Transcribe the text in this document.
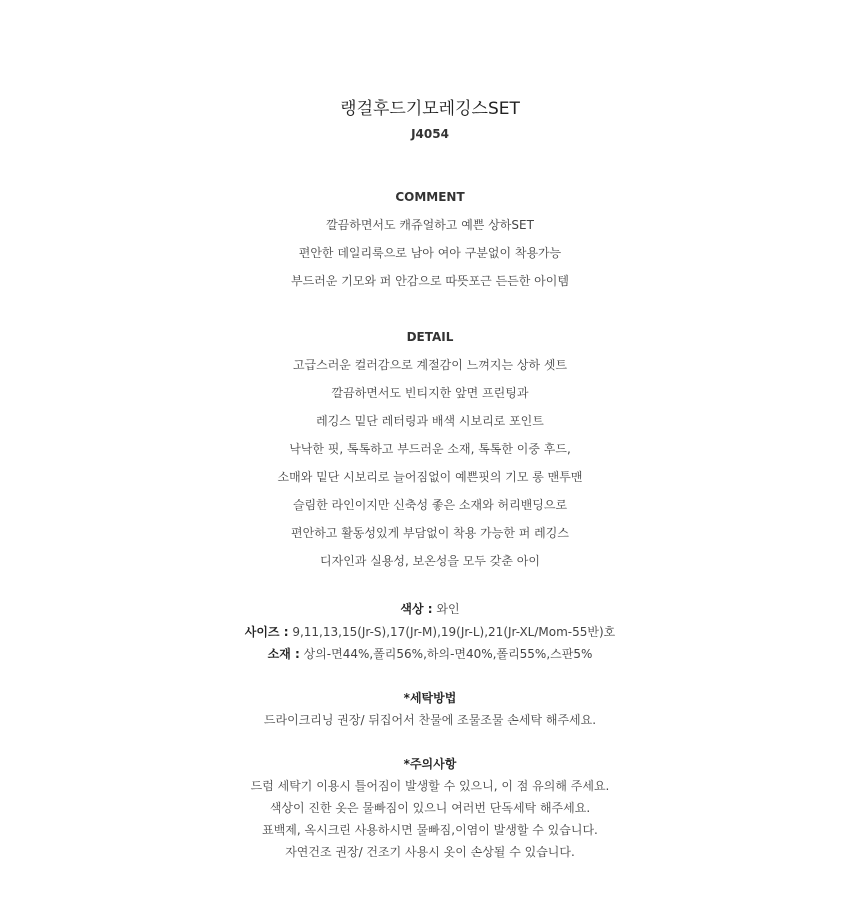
랭걸후드기모레깅스SET
J4054
COMMENT
깔끔하면서도 캐쥬얼하고 예쁜 상하SET
편안한 데일리룩으로 남아 여아 구분없이 착용가능
부드러운 기모와 퍼 안감으로 따뜻포근 든든한 아이템
DETAIL
고급스러운 컬러감으로 계절감이 느껴지는 상하 셋트
깔끔하면서도 빈티지한 앞면 프린팅과
레깅스 밑단 레터링과 배색 시보리로 포인트
낙낙한 핏, 톡톡하고 부드러운 소재, 톡톡한 이중 후드,
소매와 밑단 시보리로 늘어짐없이 예쁜핏의 기모 롱 맨투맨
슬림한 라인이지만 신축성 좋은 소재와 허리밴딩으로
편안하고 활동성있게 부담없이 착용 가능한 퍼 레깅스
디자인과 실용성, 보온성을 모두 갖춘 아이
색상 : 와인
사이즈 : 9,11,13,15(Jr-S),17(Jr-M),19(Jr-L),21(Jr-XL/Mom-55반)호
소재 : 상의-면44%,폴리56%,하의-면40%,폴리55%,스판5%
*세탁방법
드라이크리닝 권장/ 뒤집어서 찬물에 조물조물 손세탁 해주세요.
*주의사항
드럼 세탁기 이용시 틀어짐이 발생할 수 있으니, 이 점 유의해 주세요.
색상이 진한 옷은 물빠짐이 있으니 여러번 단독세탁 해주세요.
표백제, 옥시크린 사용하시면 물빠짐,이염이 발생할 수 있습니다.
자연건조 권장/ 건조기 사용시 옷이 손상될 수 있습니다.
